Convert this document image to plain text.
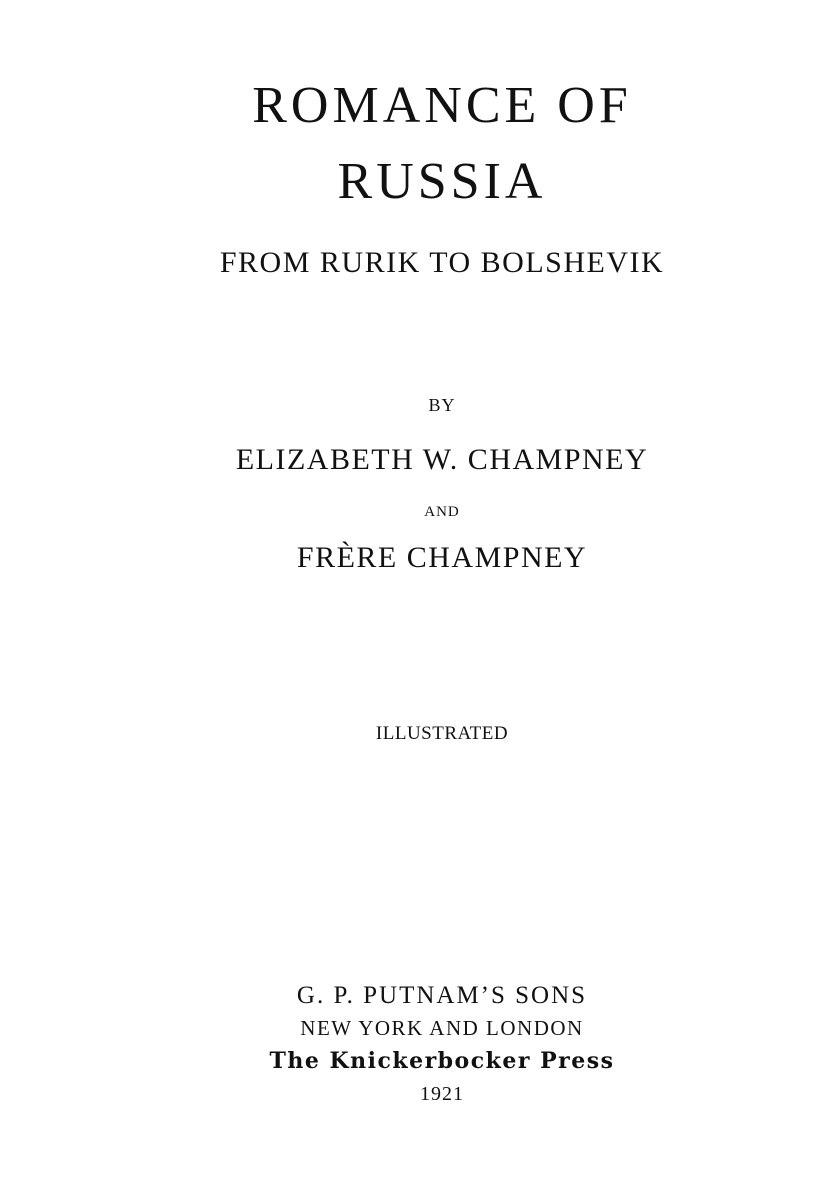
ROMANCE OF
RUSSIA
FROM RURIK TO BOLSHEVIK
BY
ELIZABETH W. CHAMPNEY
AND
FRÈRE CHAMPNEY
ILLUSTRATED
G. P. PUTNAM’S SONS
NEW YORK AND LONDON
The Knickerbocker Press
1921
